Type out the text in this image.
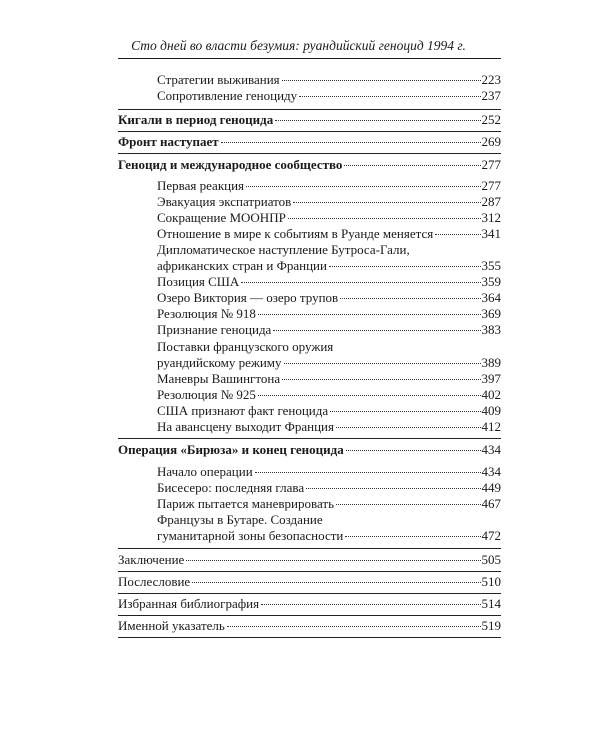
Сто дней во власти безумия: руандийский геноцид 1994 г.
Стратегии выживания	223
Сопротивление геноциду	237
Кигали в период геноцида	252
Фронт наступает	269
Геноцид и международное сообщество	277
Первая реакция	277
Эвакуация экспатриатов	287
Сокращение МООНПР	312
Отношение в мире к событиям в Руанде меняется	341
Дипломатическое наступление Бутроса-Гали,
африканских стран и Франции	355
Позиция США	359
Озеро Виктория — озеро трупов	364
Резолюция № 918	369
Признание геноцида	383
Поставки французского оружия
руандийскому режиму	389
Маневры Вашингтона	397
Резолюция № 925	402
США признают факт геноцида	409
На авансцену выходит Франция	412
Операция «Бирюза» и конец геноцида	434
Начало операции	434
Бисесеро: последняя глава	449
Париж пытается маневрировать	467
Французы в Бутаре. Создание
гуманитарной зоны безопасности	472
Заключение	505
Послесловие	510
Избранная библиография	514
Именной указатель	519
